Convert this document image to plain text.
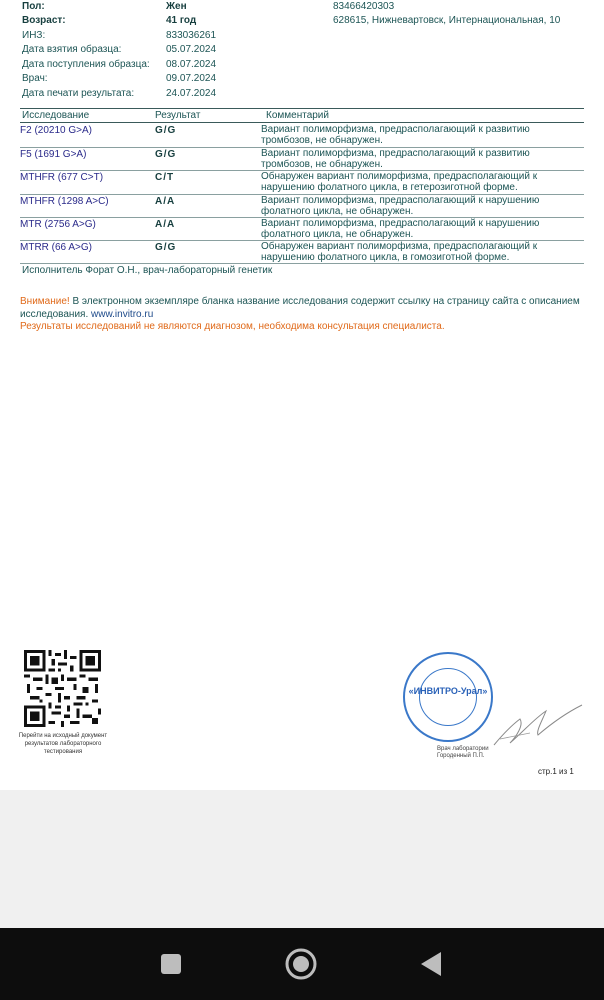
Пол:	Жен	83466420303
Возраст:	41 год	628615, Нижневартовск, Интернациональная, 10
ИНЗ:	833036261
Дата взятия образца:	05.07.2024
Дата поступления образца: 08.07.2024
Врач:	09.07.2024
Дата печати результата:	24.07.2024
Исследование	Результат	Комментарий
F2 (20210 G>A)	G/G	Вариант полиморфизма, предрасполагающий к развитию тромбозов, не обнаружен.
F5 (1691 G>A)	G/G	Вариант полиморфизма, предрасполагающий к развитию тромбозов, не обнаружен.
MTHFR (677 C>T)	C/T	Обнаружен вариант полиморфизма, предрасполагающий к нарушению фолатного цикла, в гетерозиготной форме.
MTHFR (1298 A>C)	A/A	Вариант полиморфизма, предрасполагающий к нарушению фолатного цикла, не обнаружен.
MTR (2756 A>G)	A/A	Вариант полиморфизма, предрасполагающий к нарушению фолатного цикла, не обнаружен.
MTRR (66 A>G)	G/G	Обнаружен вариант полиморфизма, предрасполагающий к нарушению фолатного цикла, в гомозиготной форме.
Исполнитель Форат О.Н., врач-лабораторный генетик
Внимание! В электронном экземпляре бланка название исследования содержит ссылку на страницу сайта с описанием исследования. www.invitro.ru
Результаты исследований не являются диагнозом, необходима консультация специалиста.
Перейти на исходный документ результатов лабораторного тестирования
«ИНВИТРО-Урал»
Врач лаборатории Городенный П.П.
стр.1 из 1
